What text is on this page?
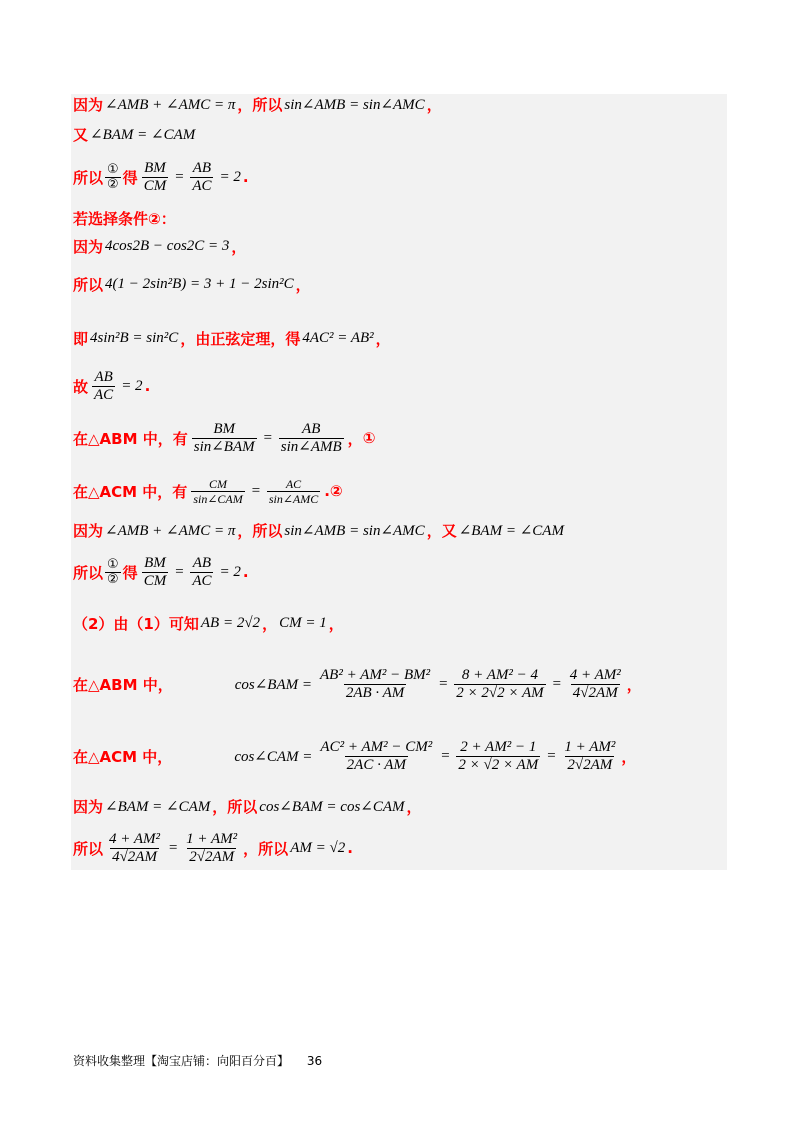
因为 ∠AMB + ∠AMC = π ，所以 sin∠AMB = sin∠AMC ，
又 ∠BAM = ∠CAM
所以 $\frac{\text{①}}{\text{②}}$ 得 $\frac{BM}{CM} = \frac{AB}{AC} = 2$ .
若选择条件②：
因为 4cos2B − cos2C = 3 ，
所以 4(1 − 2sin²B) = 3 + 1 − 2sin²C ，
即 4sin²B = sin²C ，由正弦定理，得 4AC² = AB² ，
故 $\frac{AB}{AC} = 2$ .
在△ABM 中，有 $\frac{BM}{\text{sin∠BAM}} = \frac{AB}{\text{sin∠AMB}}$ ， ①
在△ACM 中，有 $\frac{CM}{\text{sin∠CAM}} = \frac{AC}{\text{sin∠AMC}}$ . ②
因为 ∠AMB + ∠AMC = π ，所以 sin∠AMB = sin∠AMC ，又 ∠BAM = ∠CAM
所以 $\frac{\text{①}}{\text{②}}$ 得 $\frac{BM}{CM} = \frac{AB}{AC} = 2$ .
（2）由（1）可知 AB = 2√2 ， CM = 1 ，
在△ABM 中，	cos∠BAM = $\frac{\text{AB² + AM² − BM²}}{2AB \cdot AM} = \frac{\text{8 + AM² − 4}}{2 \times 2√2 \times AM} = \frac{\text{4 + AM²}}{4√2AM}$ ，
在△ACM 中，	cos∠CAM = $\frac{\text{AC² + AM² − CM²}}{2AC \cdot AM} = \frac{\text{2 + AM² − 1}}{2 \times √2 \times AM} = \frac{\text{1 + AM²}}{2√2AM}$ ，
因为 ∠BAM = ∠CAM ，所以 cos∠BAM = cos∠CAM ，
所以 $\frac{\text{4 + AM²}}{4√2AM} = \frac{\text{1 + AM²}}{2√2AM}$ ，所以 AM = √2 .
资料收集整理【淘宝店铺：向阳百分百】 36
